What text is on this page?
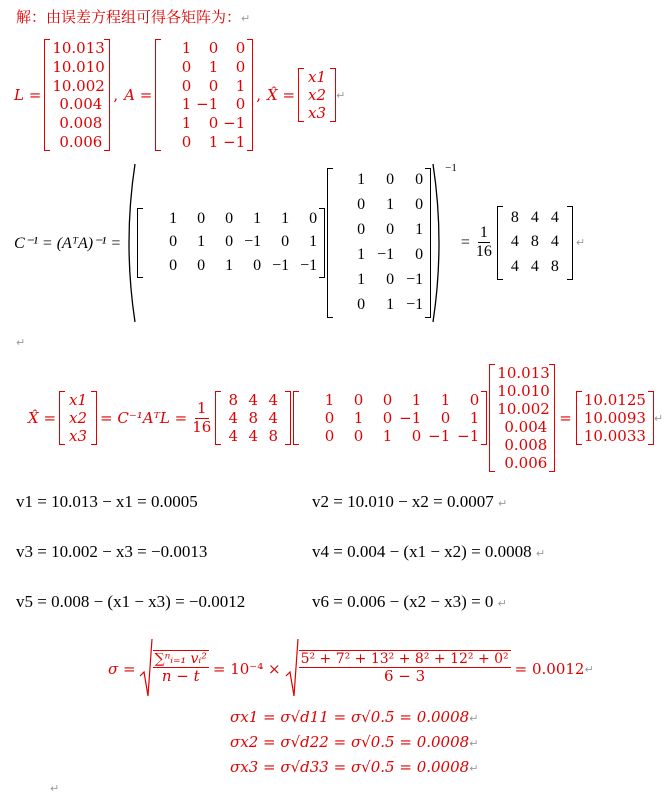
解：由误差方程组可得各矩阵为：↵
L =
10.013
10.010
10.002
0.004
0.008
0.006
, A =
1	0	0
0	1	0
0	0	1
1 −1	0
1	0 −1
0	1 −1
, X̂ =
x1
x2
x3
↵
C⁻¹ = (AᵀA)⁻¹ =
1	0	0	1	1	0
0	1	0 −1	0	1
0	0	1	0 −1 −1
1	0	0
0	1	0
0	0	1
1 −1	0
1	0 −1
0	1 −1
−1
= $\frac{1}{16}$
8 4 4
4 8 4
4 4 8
↵
↵
X̂ =
x1
x2
x3
= C⁻¹AᵀL = $\frac{1}{16}$
8 4 4
4 8 4
4 4 8
1	0	0	1	1	0
0	1	0 −1	0	1
0	0	1	0 −1 −1
10.013
10.010
10.002
0.004
0.008
0.006
=
10.0125
10.0093
10.0033
↵
v1 = 10.013 − x1 = 0.0005	v2 = 10.010 − x2 = 0.0007 ↵
v3 = 10.002 − x3 = −0.0013	v4 = 0.004 − (x1 − x2) = 0.0008 ↵
v5 = 0.008 − (x1 − x3) = −0.0012	v6 = 0.006 − (x2 − x3) = 0 ↵
$\sigma = \frac{\text{∑ⁿᵢ₌₁ vᵢ²}}{n - t} = 10^{-4} \times \frac{\text{5² + 7² + 13² + 8² + 12² + 0²}}{6 - 3} = 0.0012$ ↵
σx1 = σ√d11 = σ√0.5 = 0.0008↵
σx2 = σ√d22 = σ√0.5 = 0.0008↵
σx3 = σ√d33 = σ√0.5 = 0.0008↵
↵
